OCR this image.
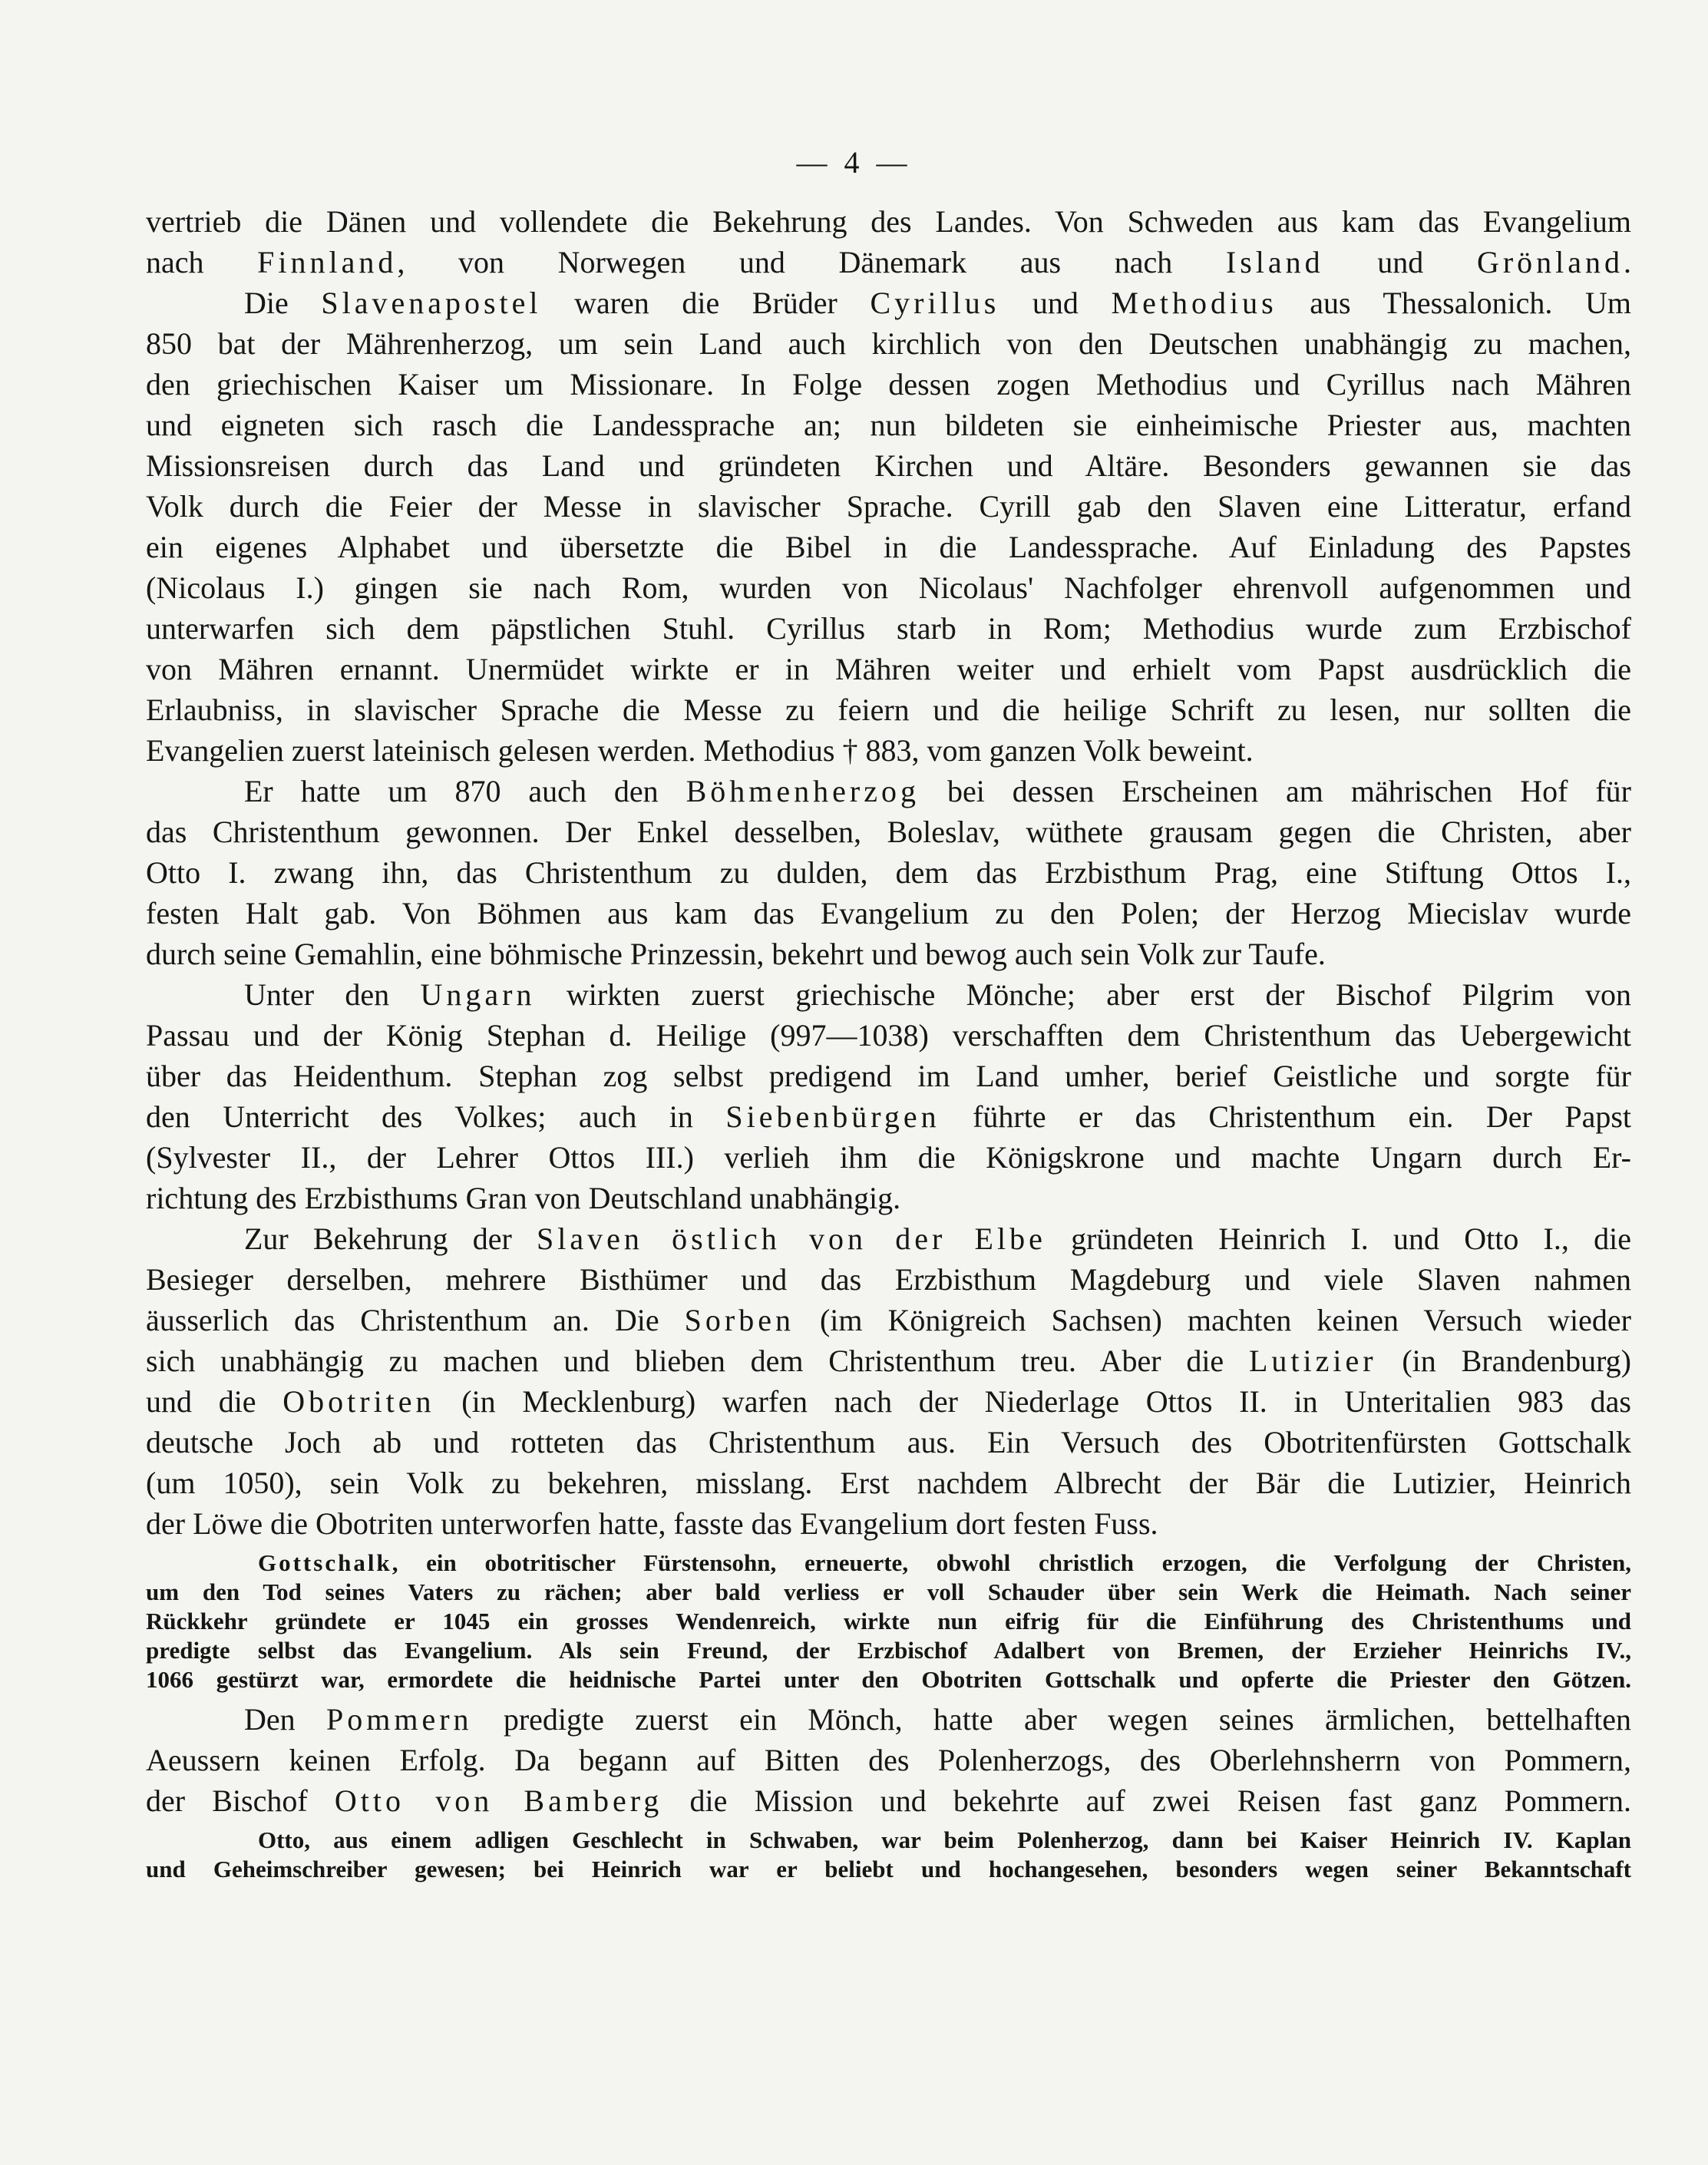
— 4 —

vertrieb die Dänen und vollendete die Bekehrung des Landes. Von Schweden aus kam das Evangelium

nach Finnland, von Norwegen und Dänemark aus nach Island und Grönland.

Die Slavenapostel waren die Brüder Cyrillus und Methodius aus Thessalonich. Um

850 bat der Mährenherzog, um sein Land auch kirchlich von den Deutschen unabhängig zu machen,

den griechischen Kaiser um Missionare. In Folge dessen zogen Methodius und Cyrillus nach Mähren

und eigneten sich rasch die Landessprache an; nun bildeten sie einheimische Priester aus, machten

Missionsreisen durch das Land und gründeten Kirchen und Altäre. Besonders gewannen sie das

Volk durch die Feier der Messe in slavischer Sprache. Cyrill gab den Slaven eine Litteratur, erfand

ein eigenes Alphabet und übersetzte die Bibel in die Landessprache. Auf Einladung des Papstes

(Nicolaus I.) gingen sie nach Rom, wurden von Nicolaus' Nachfolger ehrenvoll aufgenommen und

unterwarfen sich dem päpstlichen Stuhl. Cyrillus starb in Rom; Methodius wurde zum Erzbischof

von Mähren ernannt. Unermüdet wirkte er in Mähren weiter und erhielt vom Papst ausdrücklich die

Erlaubniss, in slavischer Sprache die Messe zu feiern und die heilige Schrift zu lesen, nur sollten die

Evangelien zuerst lateinisch gelesen werden. Methodius † 883, vom ganzen Volk beweint.

Er hatte um 870 auch den Böhmenherzog bei dessen Erscheinen am mährischen Hof für

das Christenthum gewonnen. Der Enkel desselben, Boleslav, wüthete grausam gegen die Christen, aber

Otto I. zwang ihn, das Christenthum zu dulden, dem das Erzbisthum Prag, eine Stiftung Ottos I.,

festen Halt gab. Von Böhmen aus kam das Evangelium zu den Polen; der Herzog Miecislav wurde

durch seine Gemahlin, eine böhmische Prinzessin, bekehrt und bewog auch sein Volk zur Taufe.

Unter den Ungarn wirkten zuerst griechische Mönche; aber erst der Bischof Pilgrim von

Passau und der König Stephan d. Heilige (997—1038) verschafften dem Christenthum das Uebergewicht

über das Heidenthum. Stephan zog selbst predigend im Land umher, berief Geistliche und sorgte für

den Unterricht des Volkes; auch in Siebenbürgen führte er das Christenthum ein. Der Papst

(Sylvester II., der Lehrer Ottos III.) verlieh ihm die Königskrone und machte Ungarn durch Er-

richtung des Erzbisthums Gran von Deutschland unabhängig.

Zur Bekehrung der Slaven östlich von der Elbe gründeten Heinrich I. und Otto I., die

Besieger derselben, mehrere Bisthümer und das Erzbisthum Magdeburg und viele Slaven nahmen

äusserlich das Christenthum an. Die Sorben (im Königreich Sachsen) machten keinen Versuch wieder

sich unabhängig zu machen und blieben dem Christenthum treu. Aber die Lutizier (in Brandenburg)

und die Obotriten (in Mecklenburg) warfen nach der Niederlage Ottos II. in Unteritalien 983 das

deutsche Joch ab und rotteten das Christenthum aus. Ein Versuch des Obotritenfürsten Gottschalk

(um 1050), sein Volk zu bekehren, misslang. Erst nachdem Albrecht der Bär die Lutizier, Heinrich

der Löwe die Obotriten unterworfen hatte, fasste das Evangelium dort festen Fuss.

Gottschalk, ein obotritischer Fürstensohn, erneuerte, obwohl christlich erzogen, die Verfolgung der Christen,

um den Tod seines Vaters zu rächen; aber bald verliess er voll Schauder über sein Werk die Heimath. Nach seiner

Rückkehr gründete er 1045 ein grosses Wendenreich, wirkte nun eifrig für die Einführung des Christenthums und

predigte selbst das Evangelium. Als sein Freund, der Erzbischof Adalbert von Bremen, der Erzieher Heinrichs IV.,

1066 gestürzt war, ermordete die heidnische Partei unter den Obotriten Gottschalk und opferte die Priester den Götzen.

Den Pommern predigte zuerst ein Mönch, hatte aber wegen seines ärmlichen, bettelhaften

Aeussern keinen Erfolg. Da begann auf Bitten des Polenherzogs, des Oberlehnsherrn von Pommern,

der Bischof Otto von Bamberg die Mission und bekehrte auf zwei Reisen fast ganz Pommern.

Otto, aus einem adligen Geschlecht in Schwaben, war beim Polenherzog, dann bei Kaiser Heinrich IV. Kaplan

und Geheimschreiber gewesen; bei Heinrich war er beliebt und hochangesehen, besonders wegen seiner Bekanntschaft
